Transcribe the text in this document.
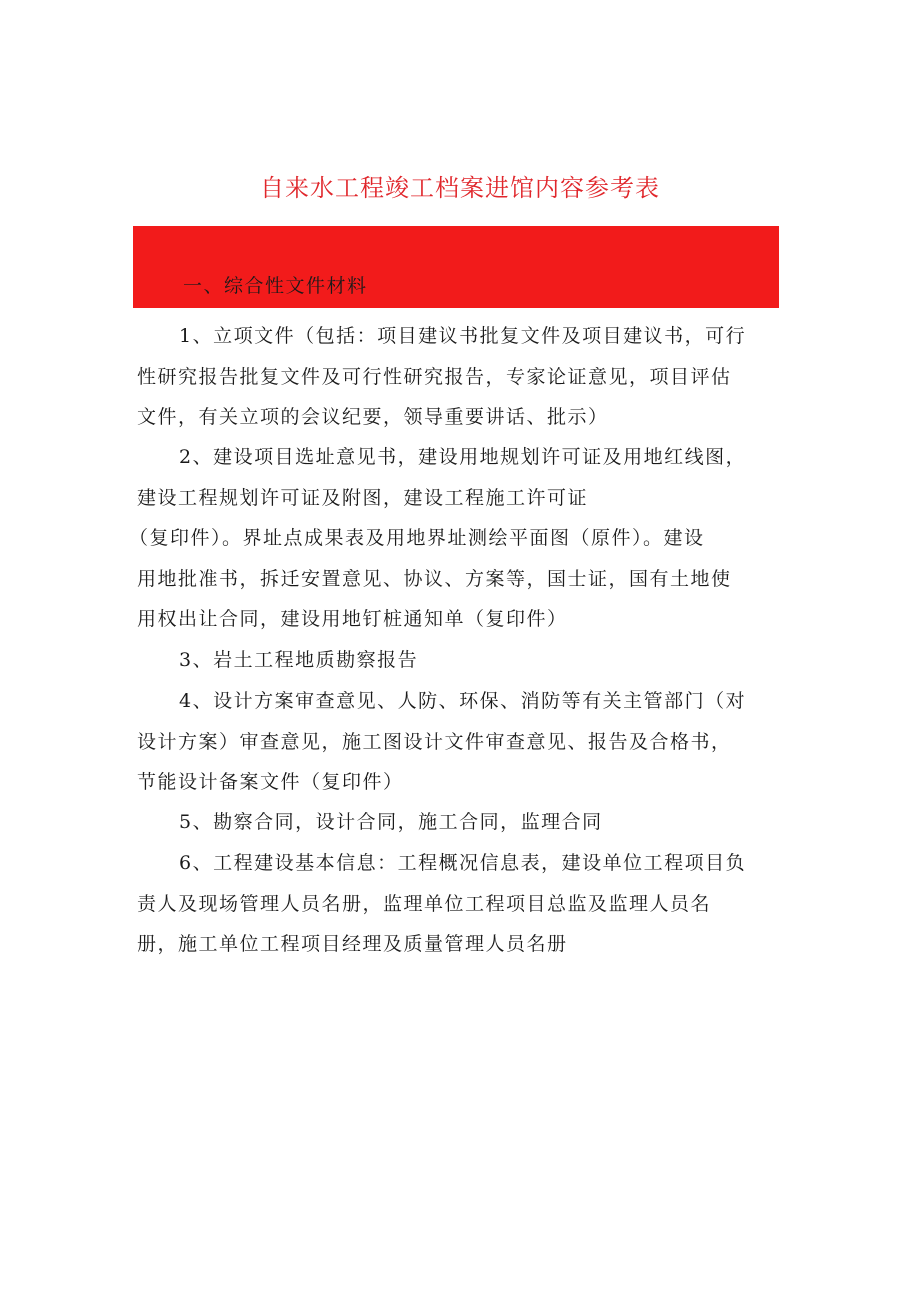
自来水工程竣工档案进馆内容参考表
一、综合性文件材料
1、立项文件（包括：项目建议书批复文件及项目建议书，可行
性研究报告批复文件及可行性研究报告，专家论证意见，项目评估
文件，有关立项的会议纪要，领导重要讲话、批示）
2、建设项目选址意见书，建设用地规划许可证及用地红线图，
建设工程规划许可证及附图，建设工程施工许可证
（复印件）。界址点成果表及用地界址测绘平面图（原件）。建设
用地批准书，拆迁安置意见、协议、方案等，国士证，国有土地使
用权出让合同，建设用地钉桩通知单（复印件）
3、岩土工程地质勘察报告
4、设计方案审查意见、人防、环保、消防等有关主管部门（对
设计方案）审查意见，施工图设计文件审查意见、报告及合格书，
节能设计备案文件（复印件）
5、勘察合同，设计合同，施工合同，监理合同
6、工程建设基本信息：工程概况信息表，建设单位工程项目负
责人及现场管理人员名册，监理单位工程项目总监及监理人员名
册，施工单位工程项目经理及质量管理人员名册
